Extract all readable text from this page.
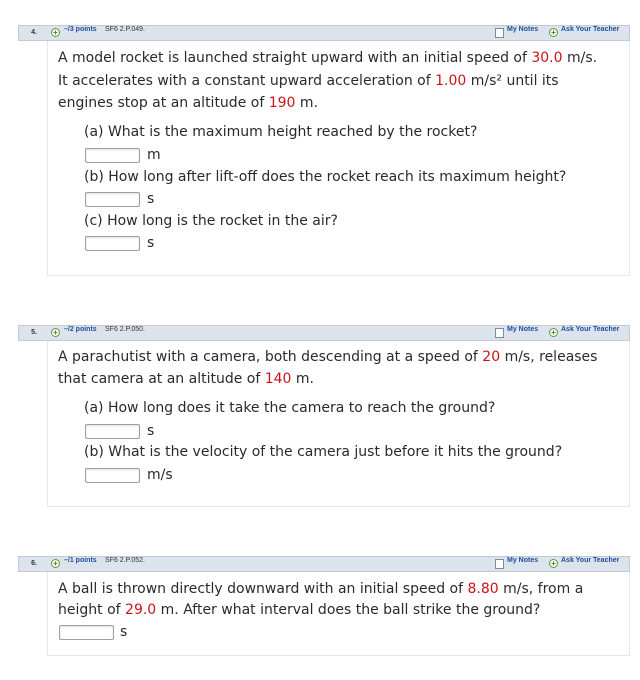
4.	+ –/3 points SF6 2.P.049.	My Notes + Ask Your Teacher

A model rocket is launched straight upward with an initial speed of 30.0 m/s.

It accelerates with a constant upward acceleration of 1.00 m/s² until its

engines stop at an altitude of 190 m.

(a) What is the maximum height reached by the rocket?
m
(b) How long after lift-off does the rocket reach its maximum height?
s
(c) How long is the rocket in the air?
s
5.	+ –/2 points SF6 2.P.050.	My Notes + Ask Your Teacher

A parachutist with a camera, both descending at a speed of 20 m/s, releases

that camera at an altitude of 140 m.

(a) How long does it take the camera to reach the ground?
s
(b) What is the velocity of the camera just before it hits the ground?
m/s
6.	+ –/1 points SF6 2.P.052.	My Notes + Ask Your Teacher

A ball is thrown directly downward with an initial speed of 8.80 m/s, from a

height of 29.0 m. After what interval does the ball strike the ground?

s
